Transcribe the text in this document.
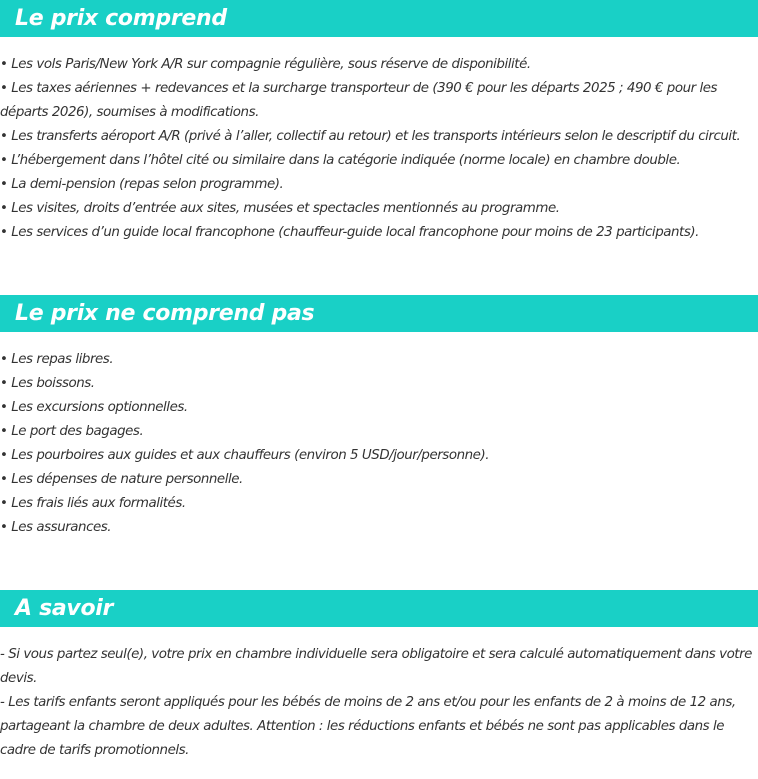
Le prix comprend
• Les vols Paris/New York A/R sur compagnie régulière, sous réserve de disponibilité.
• Les taxes aériennes + redevances et la surcharge transporteur de (390 € pour les départs 2025 ; 490 € pour les départs 2026), soumises à modifications.
• Les transferts aéroport A/R (privé à l’aller, collectif au retour) et les transports intérieurs selon le descriptif du circuit.
• L’hébergement dans l’hôtel cité ou similaire dans la catégorie indiquée (norme locale) en chambre double.
• La demi-pension (repas selon programme).
• Les visites, droits d’entrée aux sites, musées et spectacles mentionnés au programme.
• Les services d’un guide local francophone (chauffeur-guide local francophone pour moins de 23 participants).
Le prix ne comprend pas
• Les repas libres.
• Les boissons.
• Les excursions optionnelles.
• Le port des bagages.
• Les pourboires aux guides et aux chauffeurs (environ 5 USD/jour/personne).
• Les dépenses de nature personnelle.
• Les frais liés aux formalités.
• Les assurances.
A savoir

- Si vous partez seul(e), votre prix en chambre individuelle sera obligatoire et sera calculé automatiquement dans votre devis.

- Les tarifs enfants seront appliqués pour les bébés de moins de 2 ans et/ou pour les enfants de 2 à moins de 12 ans, partageant la chambre de deux adultes. Attention : les réductions enfants et bébés ne sont pas applicables dans le cadre de tarifs promotionnels.
